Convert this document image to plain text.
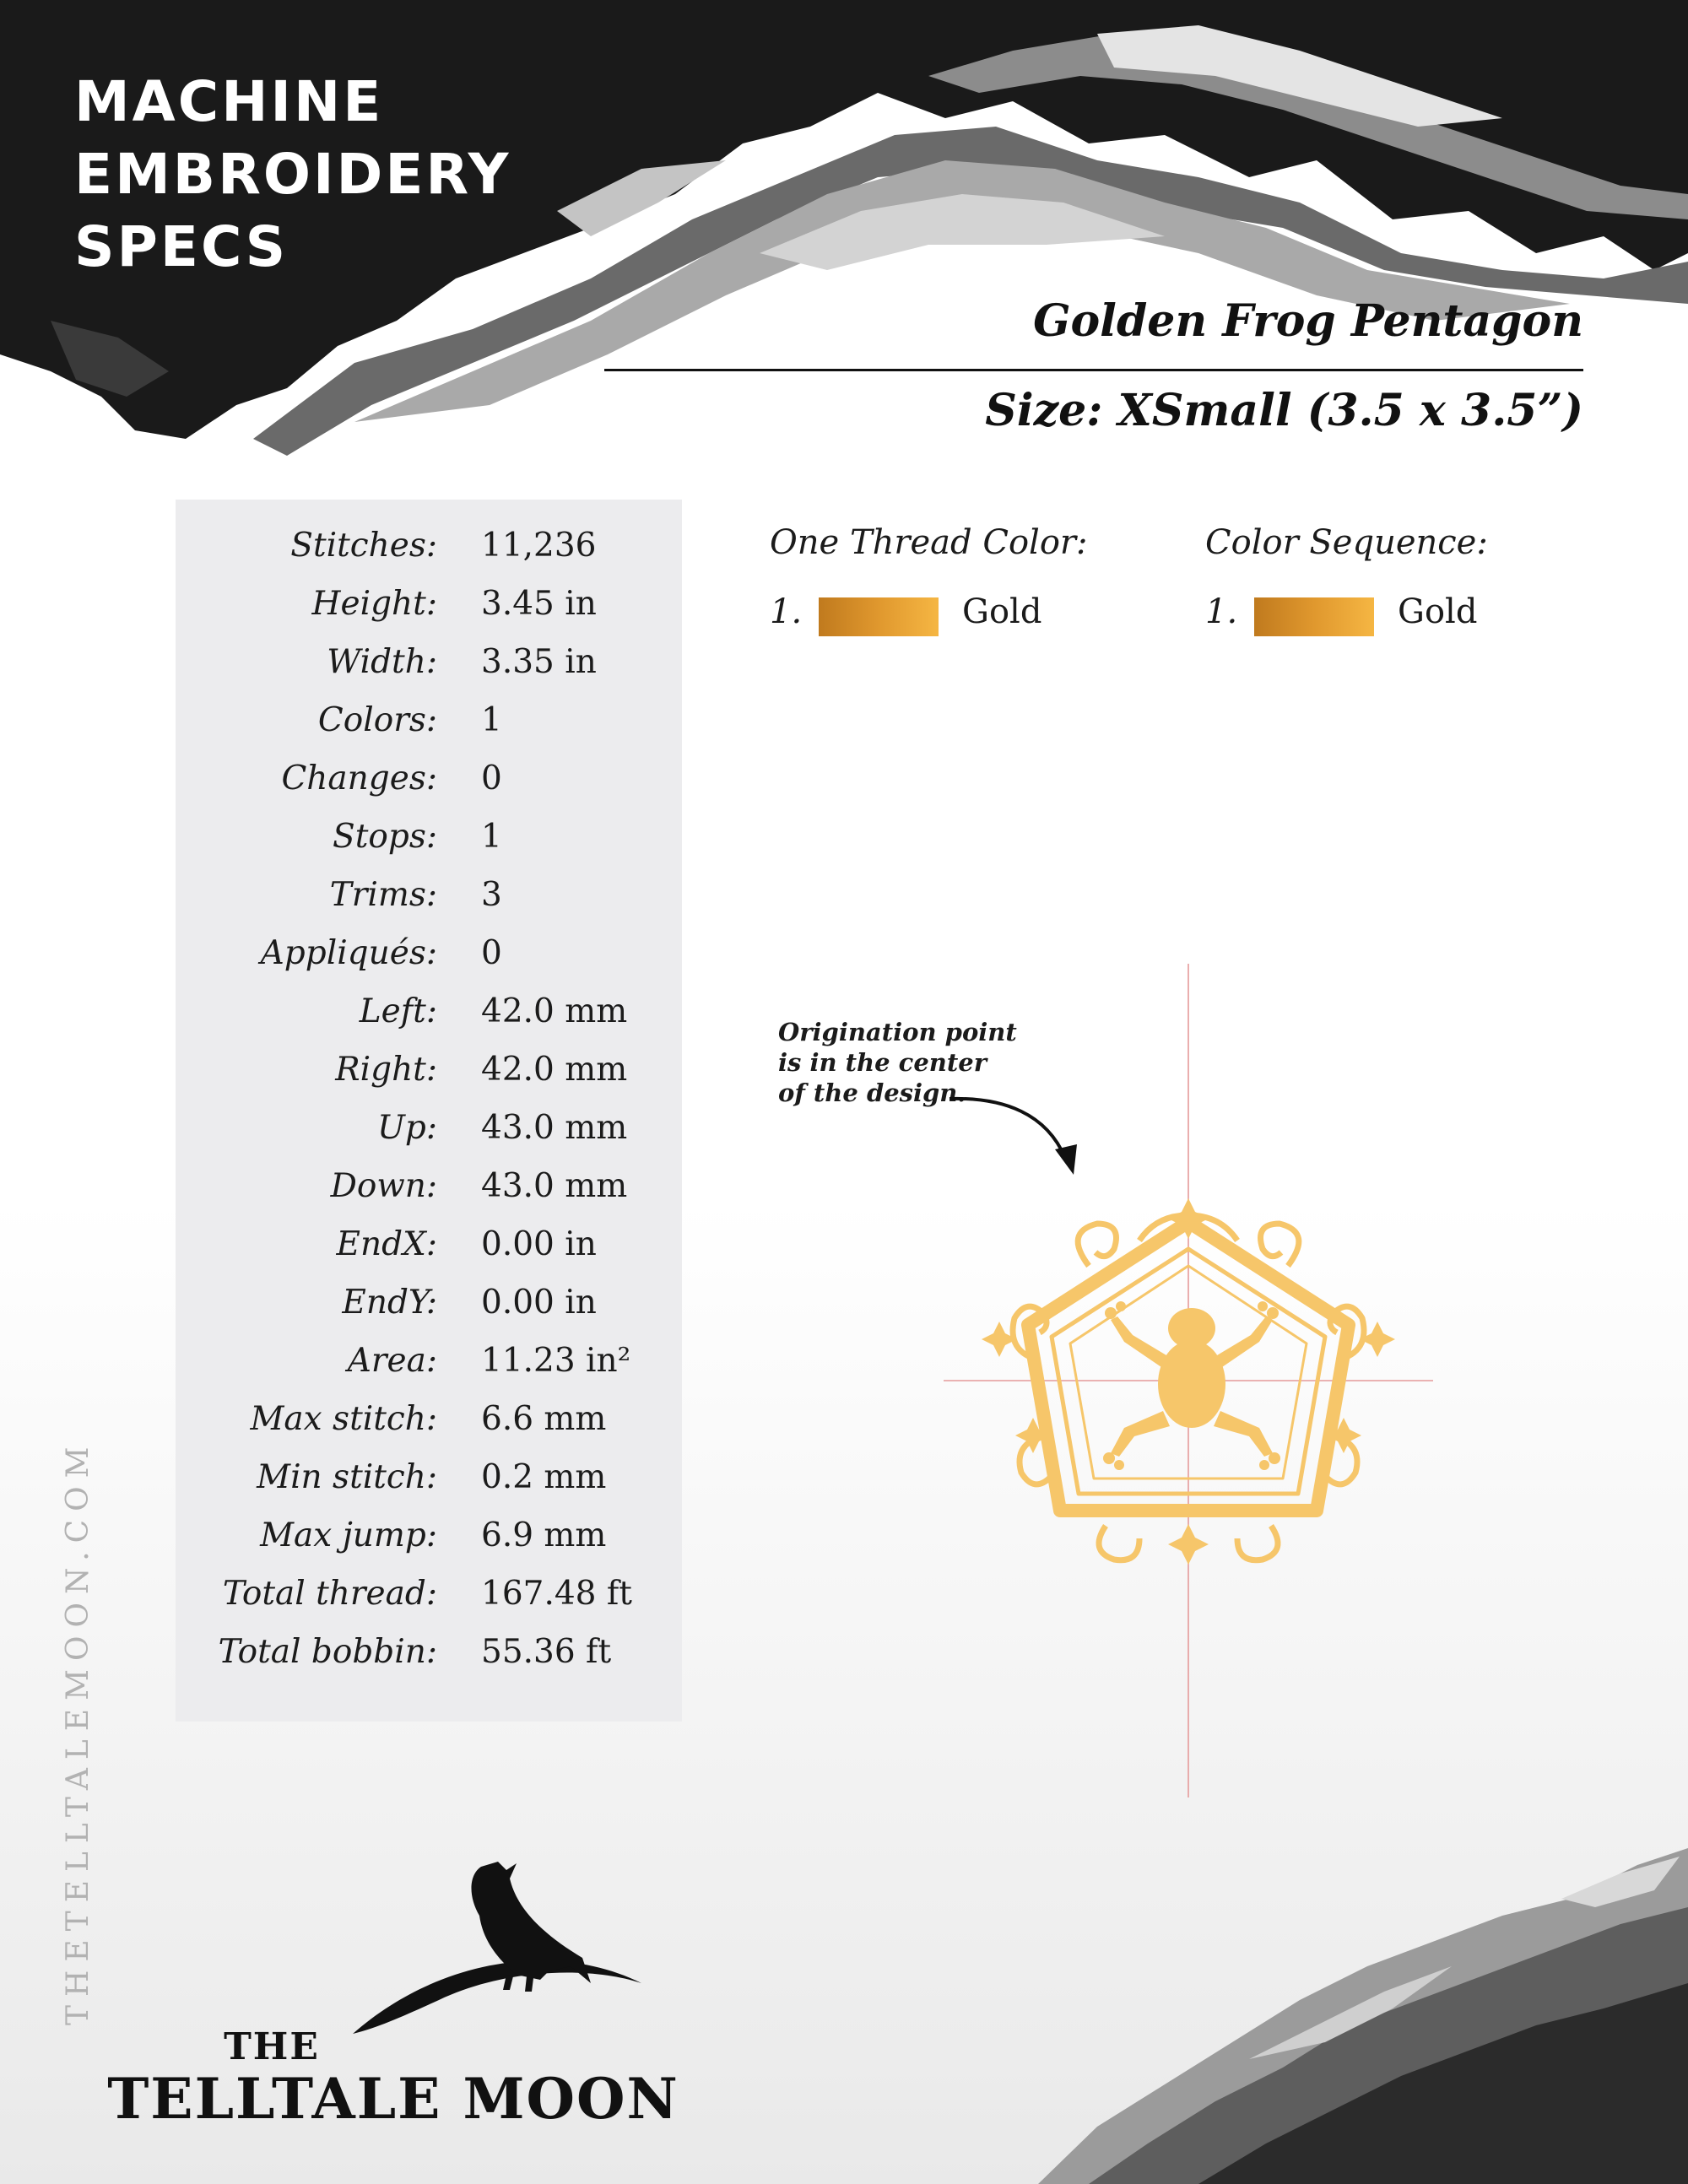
MACHINE
EMBROIDERY
SPECS
Golden Frog Pentagon
Size: XSmall (3.5 x 3.5”)
Stitches: 11,236
Height: 3.45 in
Width: 3.35 in
Colors: 1
Changes: 0
Stops: 1
Trims: 3
Appliqués: 0
Left: 42.0 mm
Right: 42.0 mm
Up: 43.0 mm
Down: 43.0 mm
EndX: 0.00 in
EndY: 0.00 in
Area: 11.23 in²
Max stitch: 6.6 mm
Min stitch: 0.2 mm
Max jump: 6.9 mm
Total thread: 167.48 ft
Total bobbin: 55.36 ft
One Thread Color:
1.	Gold
Color Sequence:
1.	Gold
Origination point
is in the center
of the design.
THETELLTALEMOON.COM
THE
TELLTALE MOON
